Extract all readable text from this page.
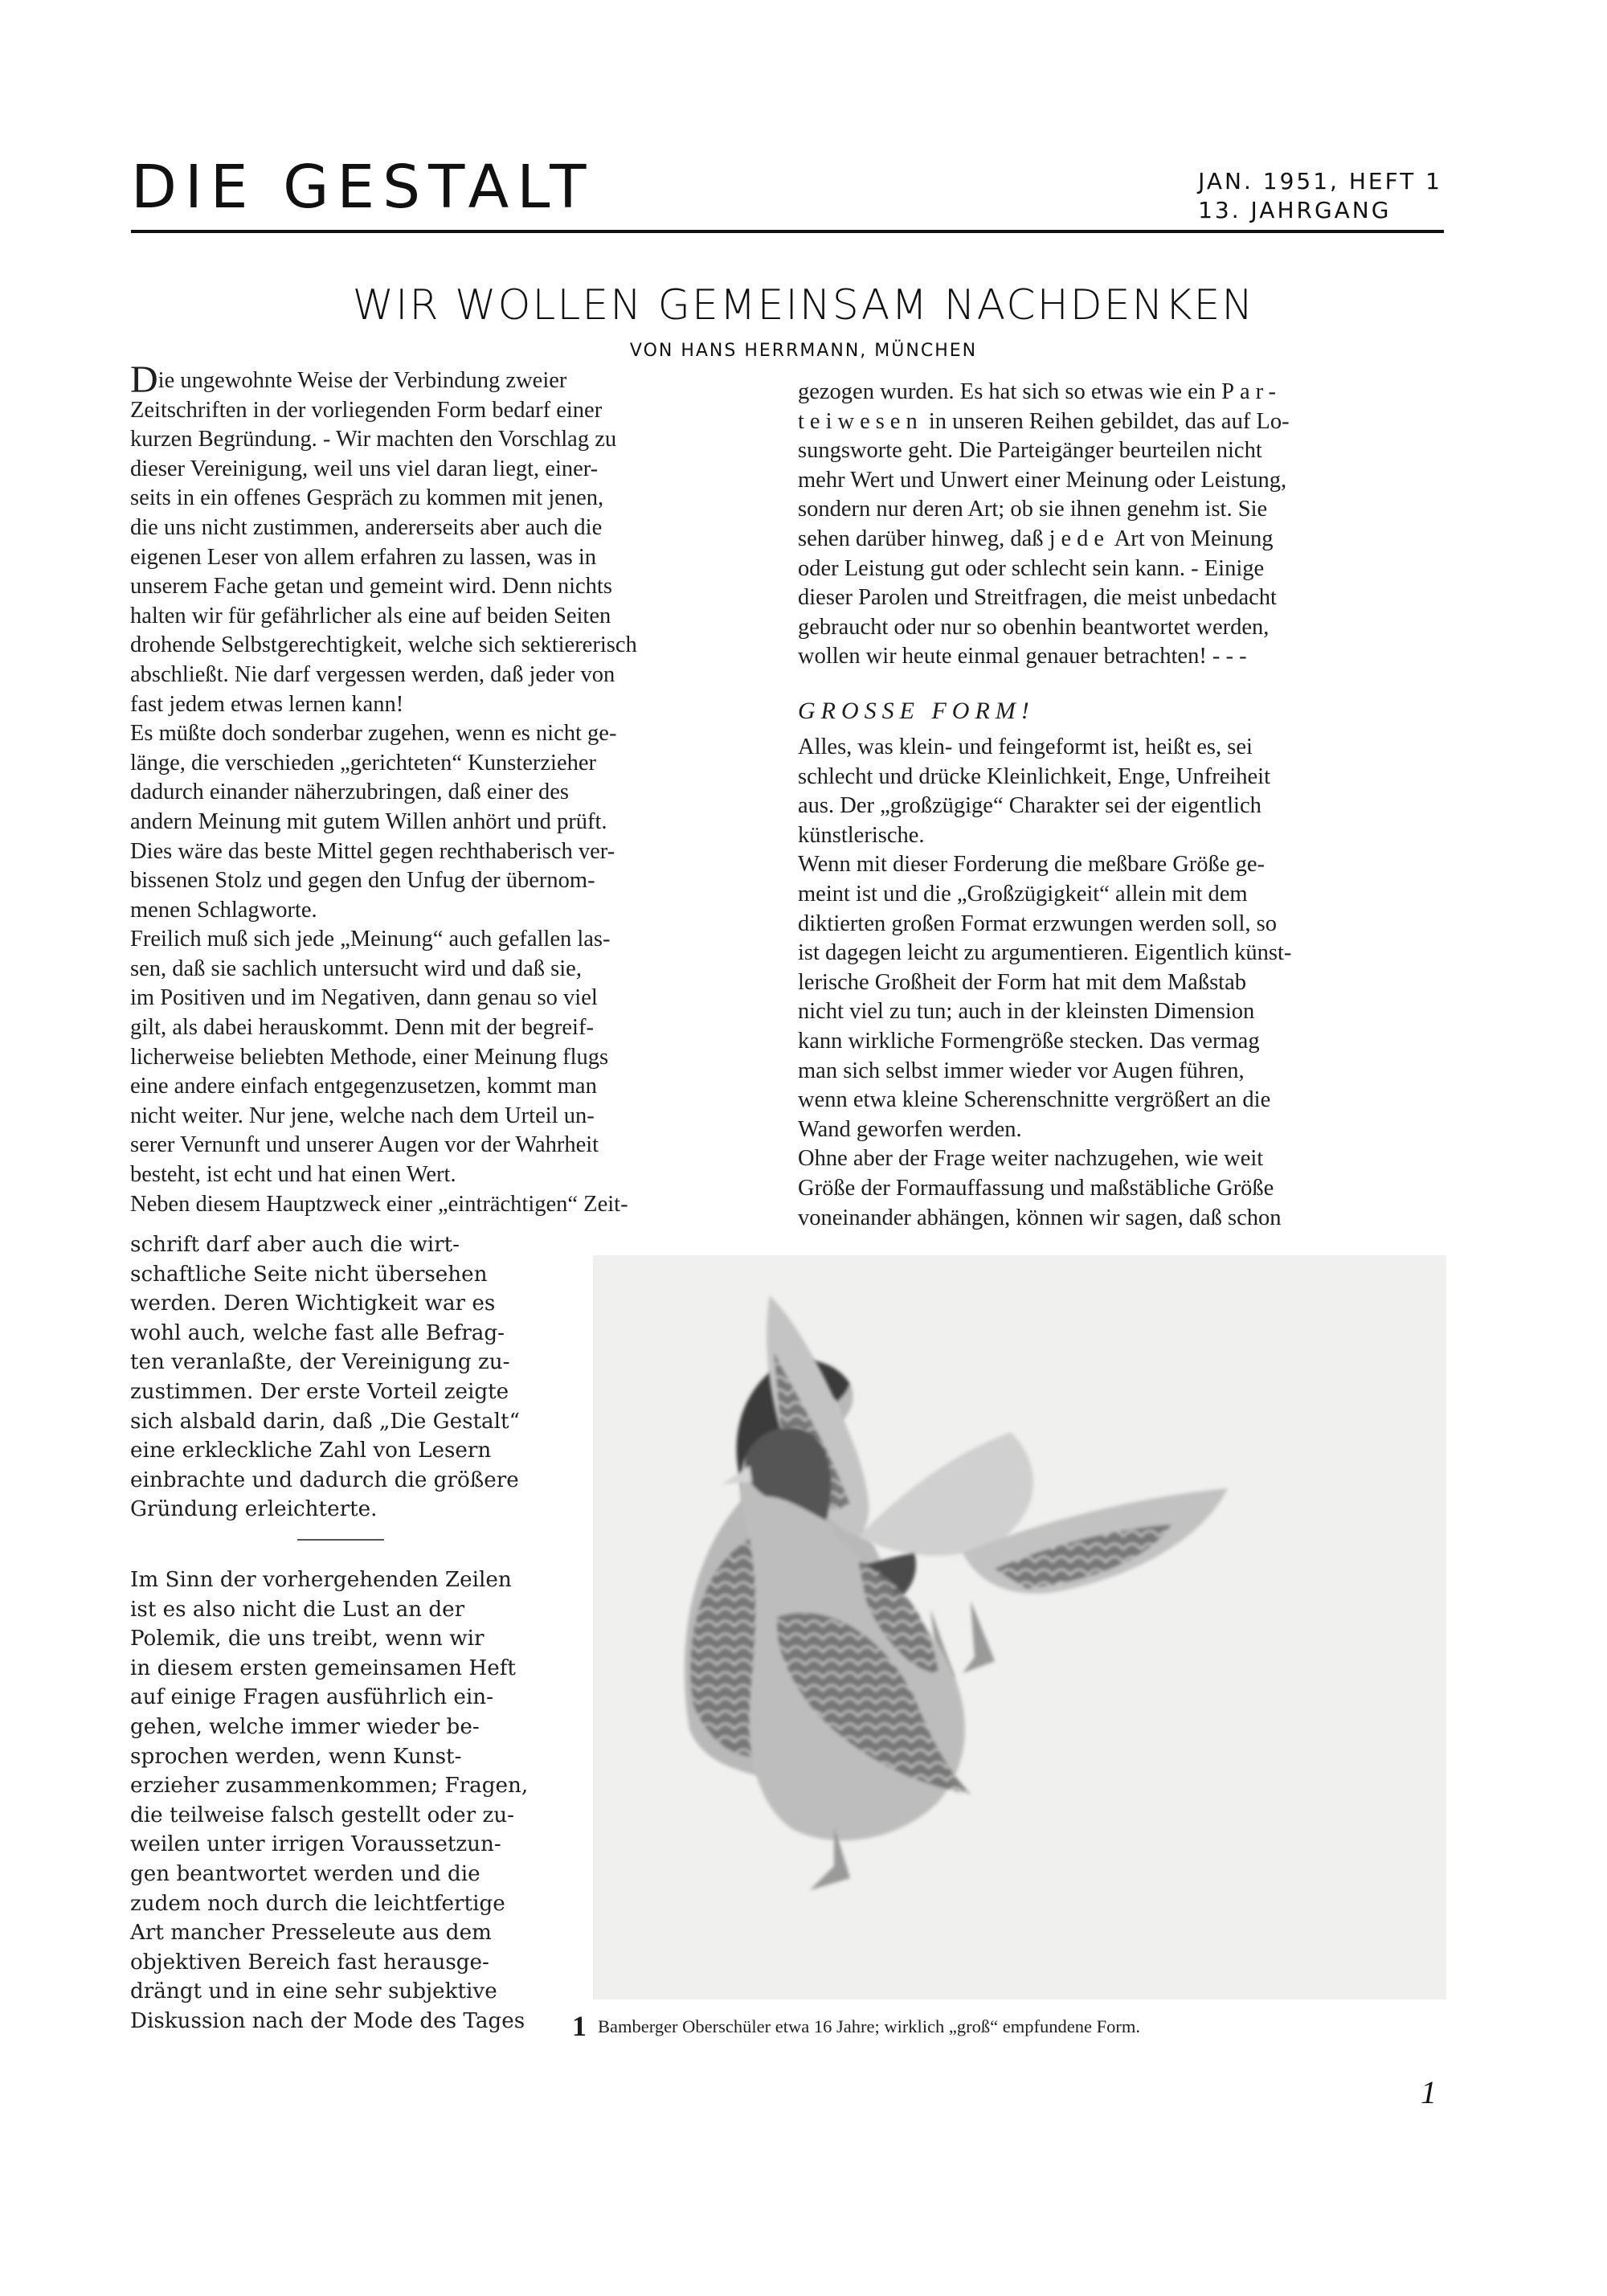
DIE GESTALT	JAN. 1951, HEFT 1
13. JAHRGANG
WIR WOLLEN GEMEINSAM NACHDENKEN
VON HANS HERRMANN, MÜNCHEN
Die ungewohnte Weise der Verbindung zweier
Zeitschriften in der vorliegenden Form bedarf einer
kurzen Begründung. - Wir machten den Vorschlag zu
dieser Vereinigung, weil uns viel daran liegt, einer-
seits in ein offenes Gespräch zu kommen mit jenen,
die uns nicht zustimmen, andererseits aber auch die
eigenen Leser von allem erfahren zu lassen, was in
unserem Fache getan und gemeint wird. Denn nichts
halten wir für gefährlicher als eine auf beiden Seiten
drohende Selbstgerechtigkeit, welche sich sektiererisch
abschließt. Nie darf vergessen werden, daß jeder von
fast jedem etwas lernen kann!
Es müßte doch sonderbar zugehen, wenn es nicht ge-
länge, die verschieden „gerichteten“ Kunsterzieher
dadurch einander näherzubringen, daß einer des
andern Meinung mit gutem Willen anhört und prüft.
Dies wäre das beste Mittel gegen rechthaberisch ver-
bissenen Stolz und gegen den Unfug der übernom-
menen Schlagworte.
Freilich muß sich jede „Meinung“ auch gefallen las-
sen, daß sie sachlich untersucht wird und daß sie,
im Positiven und im Negativen, dann genau so viel
gilt, als dabei herauskommt. Denn mit der begreif-
licherweise beliebten Methode, einer Meinung flugs
eine andere einfach entgegenzusetzen, kommt man
nicht weiter. Nur jene, welche nach dem Urteil un-
serer Vernunft und unserer Augen vor der Wahrheit
besteht, ist echt und hat einen Wert.
Neben diesem Hauptzweck einer „einträchtigen“ Zeit-
schrift darf aber auch die wirt-
schaftliche Seite nicht übersehen
werden. Deren Wichtigkeit war es
wohl auch, welche fast alle Befrag-
ten veranlaßte, der Vereinigung zu-
zustimmen. Der erste Vorteil zeigte
sich alsbald darin, daß „Die Gestalt“
eine erkleckliche Zahl von Lesern
einbrachte und dadurch die größere
Gründung erleichterte.
Im Sinn der vorhergehenden Zeilen
ist es also nicht die Lust an der
Polemik, die uns treibt, wenn wir
in diesem ersten gemeinsamen Heft
auf einige Fragen ausführlich ein-
gehen, welche immer wieder be-
sprochen werden, wenn Kunst-
erzieher zusammenkommen; Fragen,
die teilweise falsch gestellt oder zu-
weilen unter irrigen Voraussetzun-
gen beantwortet werden und die
zudem noch durch die leichtfertige
Art mancher Presseleute aus dem
objektiven Bereich fast herausge-
drängt und in eine sehr subjektive
Diskussion nach der Mode des Tages
gezogen wurden. Es hat sich so etwas wie ein Par-
teiwesen in unseren Reihen gebildet, das auf Lo-
sungsworte geht. Die Parteigänger beurteilen nicht
mehr Wert und Unwert einer Meinung oder Leistung,
sondern nur deren Art; ob sie ihnen genehm ist. Sie
sehen darüber hinweg, daß jede Art von Meinung
oder Leistung gut oder schlecht sein kann. - Einige
dieser Parolen und Streitfragen, die meist unbedacht
gebraucht oder nur so obenhin beantwortet werden,
wollen wir heute einmal genauer betrachten! - - -
GROSSE FORM!
Alles, was klein- und feingeformt ist, heißt es, sei
schlecht und drücke Kleinlichkeit, Enge, Unfreiheit
aus. Der „großzügige“ Charakter sei der eigentlich
künstlerische.
Wenn mit dieser Forderung die meßbare Größe ge-
meint ist und die „Großzügigkeit“ allein mit dem
diktierten großen Format erzwungen werden soll, so
ist dagegen leicht zu argumentieren. Eigentlich künst-
lerische Großheit der Form hat mit dem Maßstab
nicht viel zu tun; auch in der kleinsten Dimension
kann wirkliche Formengröße stecken. Das vermag
man sich selbst immer wieder vor Augen führen,
wenn etwa kleine Scherenschnitte vergrößert an die
Wand geworfen werden.
Ohne aber der Frage weiter nachzugehen, wie weit
Größe der Formauffassung und maßstäbliche Größe
voneinander abhängen, können wir sagen, daß schon
1 Bamberger Oberschüler etwa 16 Jahre; wirklich „groß“ empfundene Form.
1
